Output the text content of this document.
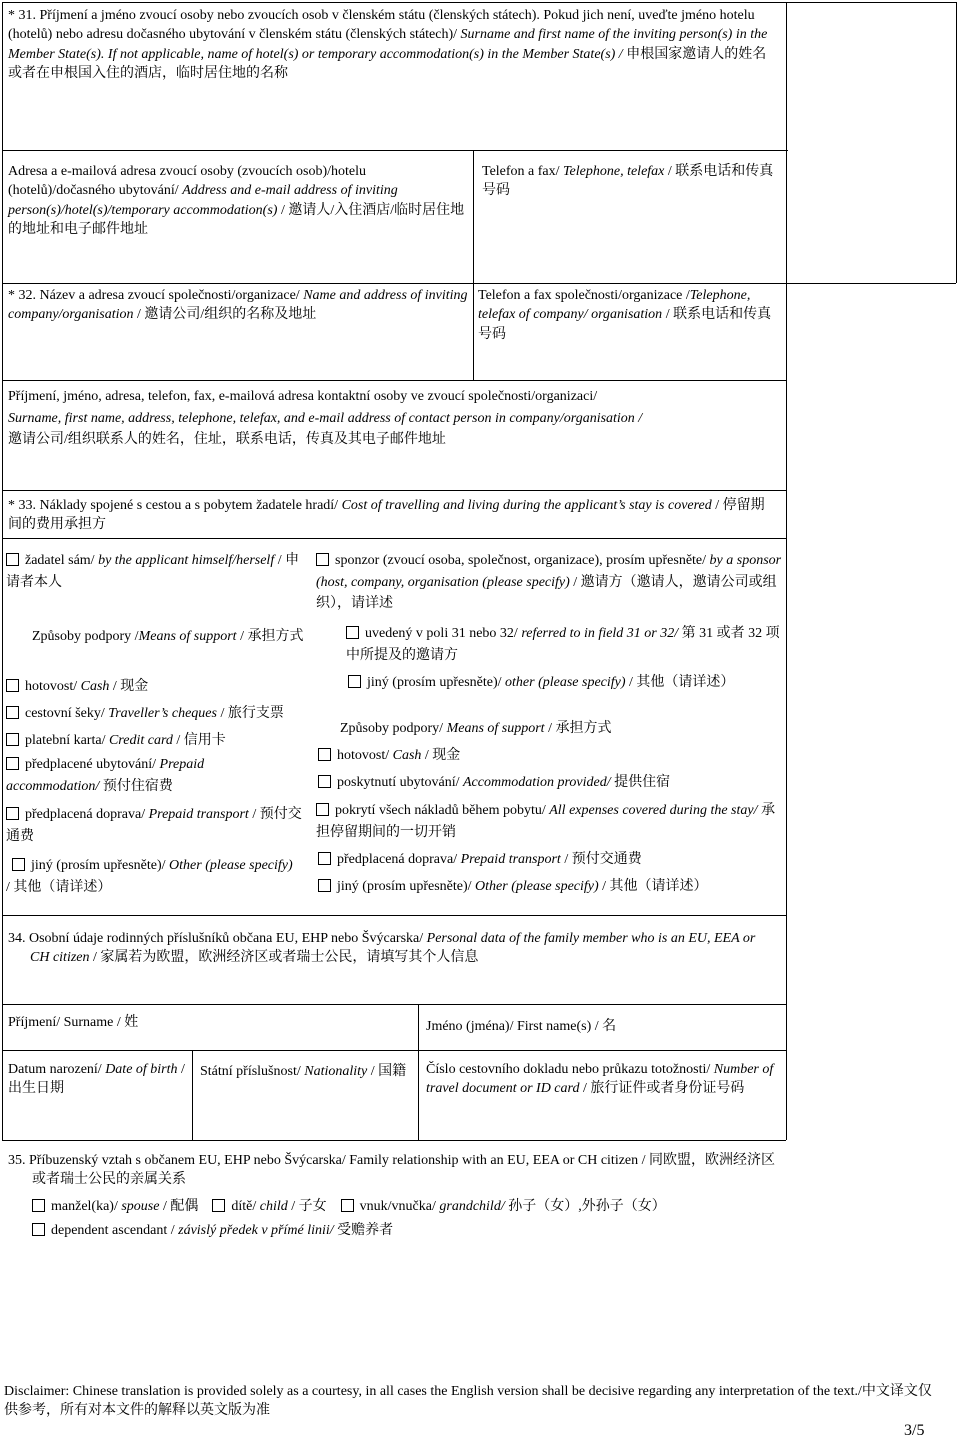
* 31. Příjmení a jméno zvoucí osoby nebo zvoucích osob v členském státu (členských státech). Pokud jich není, uveďte jméno hotelu (hotelů) nebo adresu dočasného ubytování v členském státu (členských státech)/ Surname and first name of the inviting person(s) in the Member State(s). If not applicable, name of hotel(s) or temporary accommodation(s) in the Member State(s) / 申根国家邀请人的姓名或者在申根国入住的酒店，临时居住地的名称

Adresa a e-mailová adresa zvoucí osoby (zvoucích osob)/hotelu (hotelů)/dočasného ubytování/ Address and e-mail address of inviting person(s)/hotel(s)/temporary accommodation(s) / 邀请人/入住酒店/临时居住地的地址和电子邮件地址

Telefon a fax/ Telephone, telefax / 联系电话和传真号码

* 32. Název a adresa zvoucí společnosti/organizace/ Name and address of inviting company/organisation / 邀请公司/组织的名称及地址

Telefon a fax společnosti/organizace /Telephone, telefax of company/ organisation / 联系电话和传真号码

Příjmení, jméno, adresa, telefon, fax, e-mailová adresa kontaktní osoby ve zvoucí společnosti/organizaci/

Surname, first name, address, telephone, telefax, and e-mail address of contact person in company/organisation /

邀请公司/组织联系人的姓名，住址，联系电话，传真及其电子邮件地址

* 33. Náklady spojené s cestou a s pobytem žadatele hradí/ Cost of travelling and living during the applicant’s stay is covered / 停留期间的费用承担方

žadatel sám/ by the applicant himself/herself / 申请者本人
Způsoby podpory /Means of support / 承担方式
hotovost/ Cash / 现金
cestovní šeky/ Traveller’s cheques / 旅行支票
platební karta/ Credit card / 信用卡
předplacené ubytování/ Prepaid accommodation/ 预付住宿费
předplacená doprava/ Prepaid transport / 预付交通费
jiný (prosím upřesněte)/ Other (please specify) / 其他（请详述）
sponzor (zvoucí osoba, společnost, organizace), prosím upřesněte/ by a sponsor (host, company, organisation (please specify) / 邀请方（邀请人，邀请公司或组织），请详述
uvedený v poli 31 nebo 32/ referred to in field 31 or 32/ 第 31 或者 32 项中所提及的邀请方
jiný (prosím upřesněte)/ other (please specify) / 其他（请详述）
Způsoby podpory/ Means of support / 承担方式
hotovost/ Cash / 现金
poskytnutí ubytování/ Accommodation provided/ 提供住宿
pokrytí všech nákladů během pobytu/ All expenses covered during the stay/ 承担停留期间的一切开销
předplacená doprava/ Prepaid transport / 预付交通费
jiný (prosím upřesněte)/ Other (please specify) / 其他（请详述）

34. Osobní údaje rodinných příslušníků občana EU, EHP nebo Švýcarska/ Personal data of the family member who is an EU, EEA or CH citizen / 家属若为欧盟，欧洲经济区或者瑞士公民，请填写其个人信息

Příjmení/ Surname / 姓	Jméno (jména)/ First name(s) / 名
Datum narození/ Date of birth / 出生日期
Státní příslušnost/ Nationality / 国籍	Číslo cestovního dokladu nebo průkazu totožnosti/ Number of travel document or ID card / 旅行证件或者身份证号码

35. Příbuzenský vztah s občanem EU, EHP nebo Švýcarska/ Family relationship with an EU, EEA or CH citizen / 同欧盟，欧洲经济区或者瑞士公民的亲属关系

manžel(ka)/ spouse / 配偶 dítě/ child / 子女 vnuk/vnučka/ grandchild/ 孙子（女）,外孙子（女）
dependent ascendant / závislý předek v přímé linii/ 受赡养者
Disclaimer: Chinese translation is provided solely as a courtesy, in all cases the English version shall be decisive regarding any interpretation of the text./中文译文仅供参考，所有对本文件的解释以英文版为准
3/5
